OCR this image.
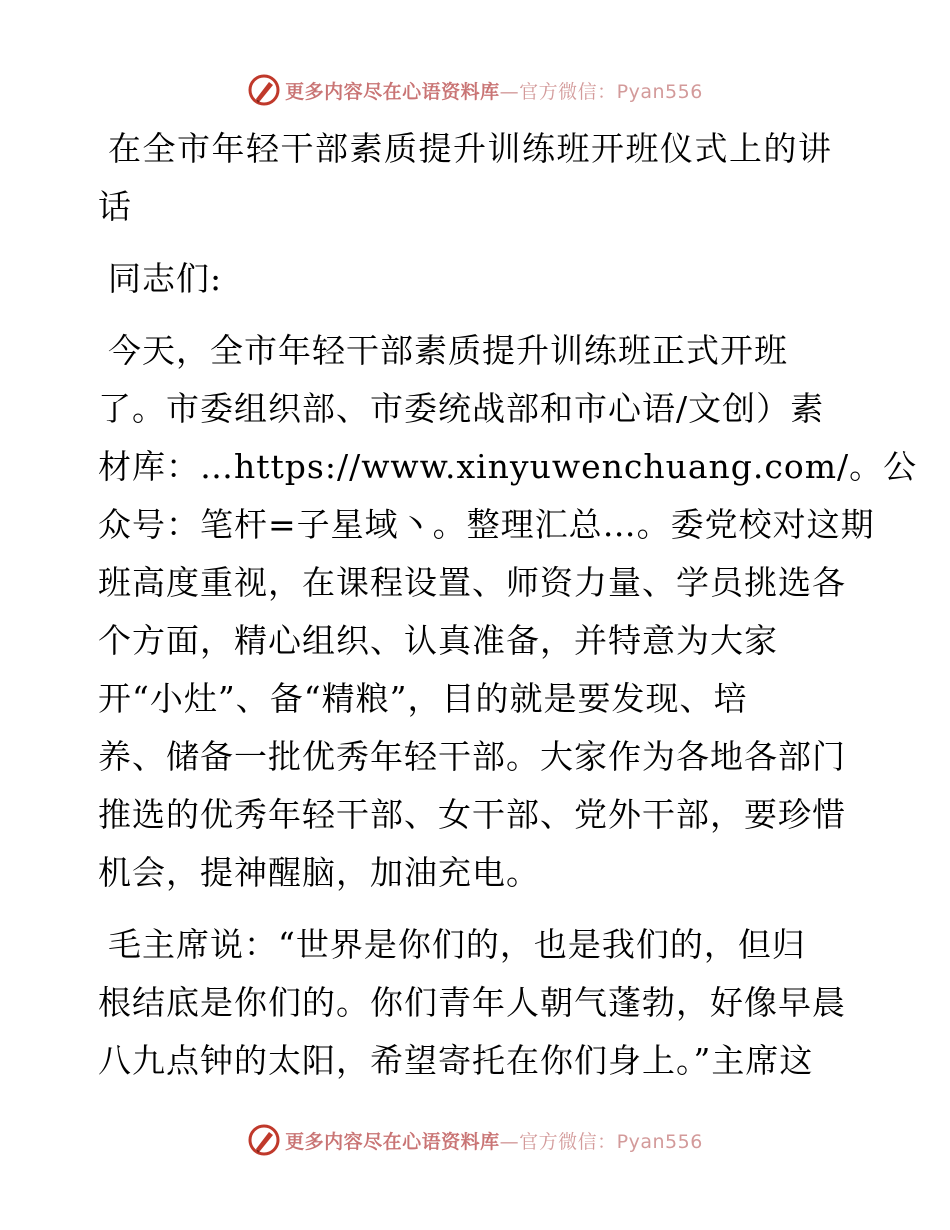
更多内容尽在心语资料库—官方微信：Pyan556
在全市年轻干部素质提升训练班开班仪式上的讲
话

同志们:

今天，全市年轻干部素质提升训练班正式开班
了。市委组织部、市委统战部和市心语/文创）素
材库：…https://www.xinyuwenchuang.com/。公
众号：笔杆=子星域丶。整理汇总…。委党校对这期
班高度重视，在课程设置、师资力量、学员挑选各
个方面，精心组织、认真准备，并特意为大家
开“小灶”、备“精粮”，目的就是要发现、培
养、储备一批优秀年轻干部。大家作为各地各部门
推选的优秀年轻干部、女干部、党外干部，要珍惜
机会，提神醒脑，加油充电。
毛主席说：“世界是你们的，也是我们的，但归
根结底是你们的。你们青年人朝气蓬勃，好像早晨
八九点钟的太阳，希望寄托在你们身上。”主席这
更多内容尽在心语资料库—官方微信：Pyan556
